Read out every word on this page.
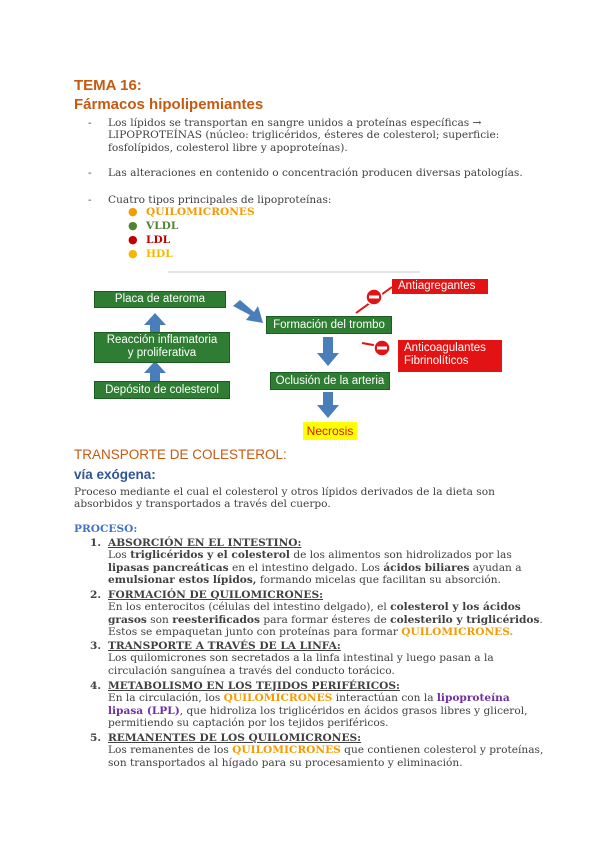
TEMA 16:
Fármacos hipolipemiantes
- Los lípidos se transportan en sangre unidos a proteínas específicas →
LIPOPROTEÍNAS (núcleo: triglicéridos, ésteres de colesterol; superficie:
fosfolípidos, colesterol libre y apoproteínas).
- Las alteraciones en contenido o concentración producen diversas patologías.
- Cuatro tipos principales de lipoproteínas:
● QUILOMICRONES
● VLDL
● LDL
● HDL
Placa de ateroma
Reacción inflamatoria
y proliferativa
Depósito de colesterol
Formación del trombo
Oclusión de la arteria
Necrosis
Antiagregantes
Anticoagulantes
Fibrinolíticos
TRANSPORTE DE COLESTEROL:
vía exógena:
Proceso mediante el cual el colesterol y otros lípidos derivados de la dieta son
absorbidos y transportados a través del cuerpo.
PROCESO:
1. ABSORCIÓN EN EL INTESTINO:
Los triglicéridos y el colesterol de los alimentos son hidrolizados por las
lipasas pancreáticas en el intestino delgado. Los ácidos biliares ayudan a
emulsionar estos lípidos, formando micelas que facilitan su absorción.
2. FORMACIÓN DE QUILOMICRONES:
En los enterocitos (células del intestino delgado), el colesterol y los ácidos
grasos son reesterificados para formar ésteres de colesterilo y triglicéridos.
Estos se empaquetan junto con proteínas para formar QUILOMICRONES.
3. TRANSPORTE A TRAVÉS DE LA LINFA:
Los quilomicrones son secretados a la linfa intestinal y luego pasan a la
circulación sanguínea a través del conducto torácico.
4. METABOLISMO EN LOS TEJIDOS PERIFÉRICOS:
En la circulación, los QUILOMICRONES interactúan con la lipoproteína
lipasa (LPL), que hidroliza los triglicéridos en ácidos grasos libres y glicerol,
permitiendo su captación por los tejidos periféricos.
5. REMANENTES DE LOS QUILOMICRONES:
Los remanentes de los QUILOMICRONES que contienen colesterol y proteínas,
son transportados al hígado para su procesamiento y eliminación.
